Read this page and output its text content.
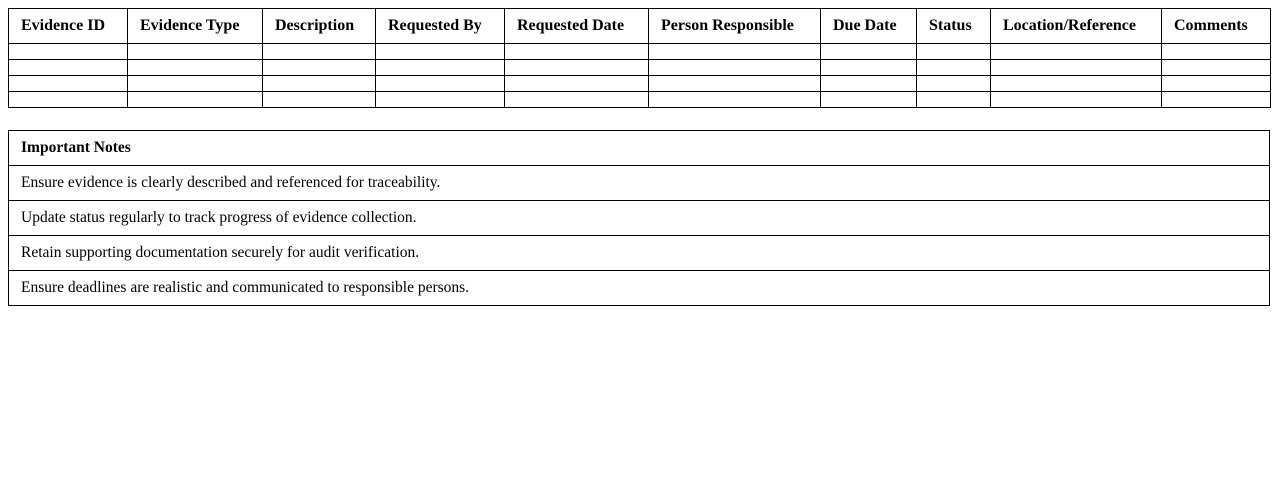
Evidence ID	Evidence Type	Description	Requested By	Requested Date	Person Responsible	Due Date	Status	Location/Reference	Comments

Important Notes
Ensure evidence is clearly described and referenced for traceability.
Update status regularly to track progress of evidence collection.
Retain supporting documentation securely for audit verification.
Ensure deadlines are realistic and communicated to responsible persons.
